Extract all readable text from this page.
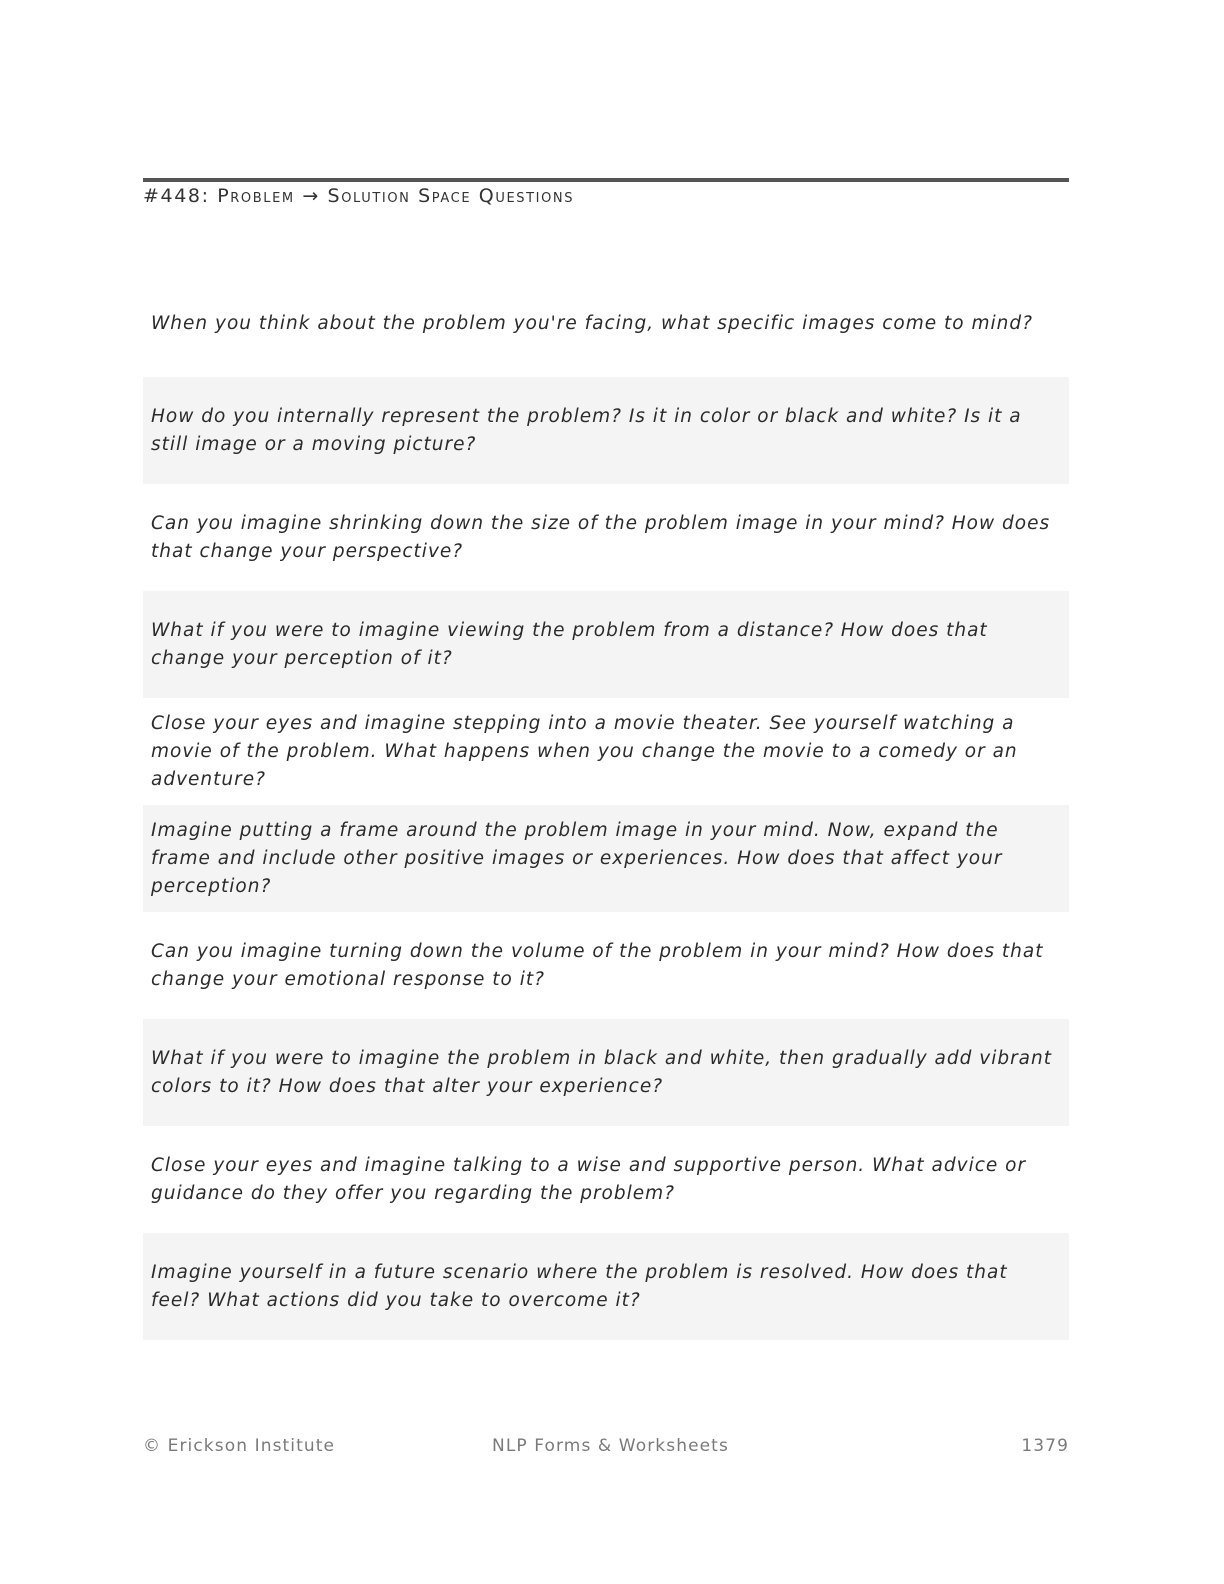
#448: Problem → Solution Space Questions
When you think about the problem you're facing, what specific images come to mind?
How do you internally represent the problem? Is it in color or black and white? Is it a still image or a moving picture?
Can you imagine shrinking down the size of the problem image in your mind? How does that change your perspective?
What if you were to imagine viewing the problem from a distance? How does that change your perception of it?
Close your eyes and imagine stepping into a movie theater. See yourself watching a movie of the problem. What happens when you change the movie to a comedy or an adventure?
Imagine putting a frame around the problem image in your mind. Now, expand the frame and include other positive images or experiences. How does that affect your perception?
Can you imagine turning down the volume of the problem in your mind? How does that change your emotional response to it?
What if you were to imagine the problem in black and white, then gradually add vibrant colors to it? How does that alter your experience?
Close your eyes and imagine talking to a wise and supportive person. What advice or guidance do they offer you regarding the problem?
Imagine yourself in a future scenario where the problem is resolved. How does that feel? What actions did you take to overcome it?
© Erickson Institute	NLP Forms & Worksheets	1379
